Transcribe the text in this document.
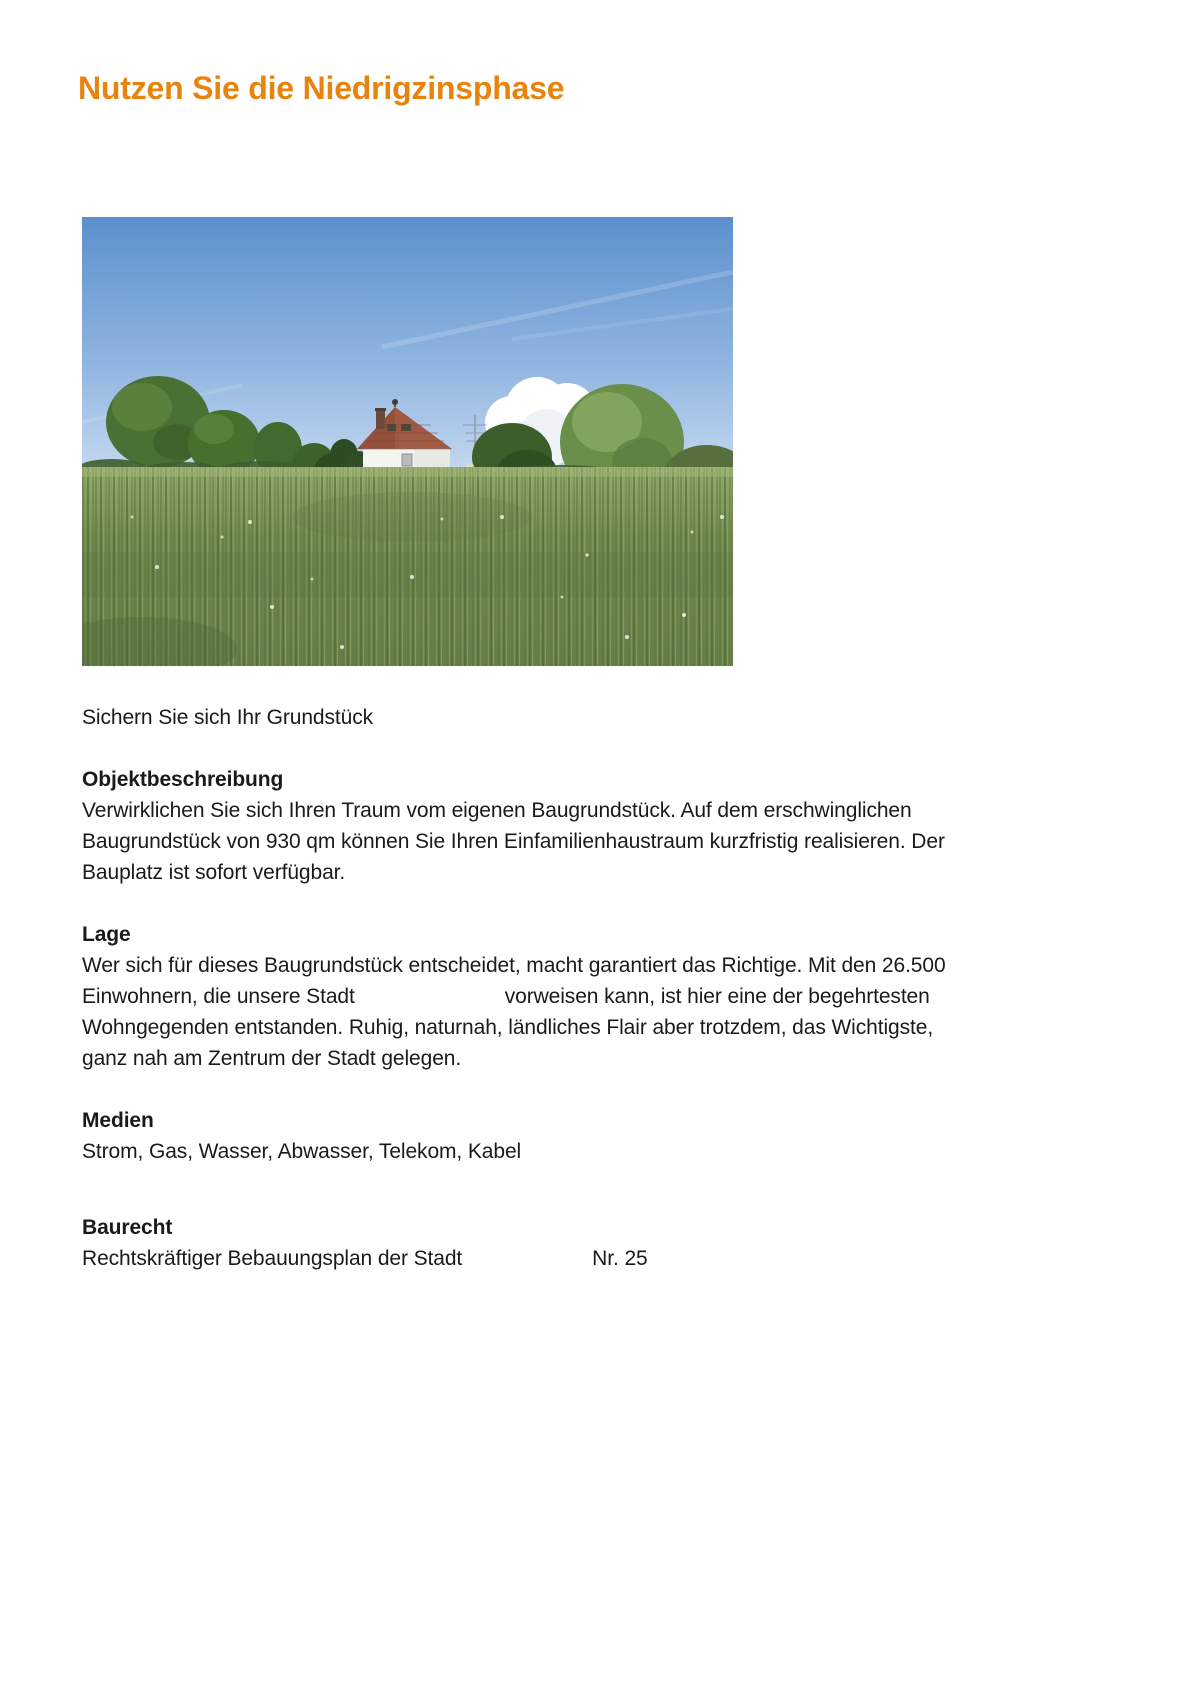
Nutzen Sie die Niedrigzinsphase
Sichern Sie sich Ihr Grundstück
Objektbeschreibung
Verwirklichen Sie sich Ihren Traum vom eigenen Baugrundstück. Auf dem erschwinglichen
Baugrundstück von 930 qm können Sie Ihren Einfamilienhaustraum kurzfristig realisieren. Der
Bauplatz ist sofort verfügbar.
Lage
Wer sich für dieses Baugrundstück entscheidet, macht garantiert das Richtige. Mit den 26.500
Einwohnern, die unsere Stadt	vorweisen kann, ist hier eine der begehrtesten
Wohngegenden entstanden. Ruhig, naturnah, ländliches Flair aber trotzdem, das Wichtigste,
ganz nah am Zentrum der Stadt gelegen.
Medien
Strom, Gas, Wasser, Abwasser, Telekom, Kabel
Baurecht
Rechtskräftiger Bebauungsplan der Stadt	Nr. 25
